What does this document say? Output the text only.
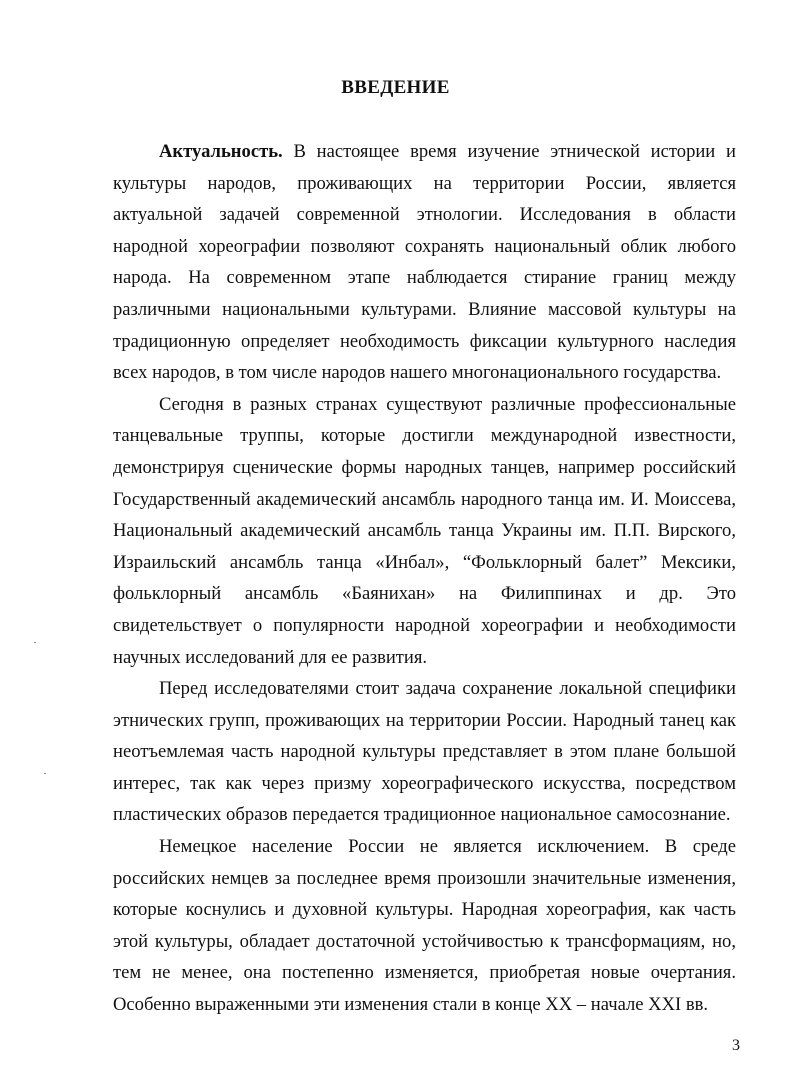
ВВЕДЕНИЕ
Актуальность. В настоящее время изучение этнической истории и
культуры народов, проживающих на территории России, является
актуальной задачей современной этнологии. Исследования в области
народной хореографии позволяют сохранять национальный облик любого
народа. На современном этапе наблюдается стирание границ между
различными национальными культурами. Влияние массовой культуры на
традиционную определяет необходимость фиксации культурного наследия
всех народов, в том числе народов нашего многонационального государства.
Сегодня в разных странах существуют различные профессиональные
танцевальные труппы, которые достигли международной известности,
демонстрируя сценические формы народных танцев, например российский
Государственный академический ансамбль народного танца им. И. Моиссева,
Национальный академический ансамбль танца Украины им. П.П. Вирского,
Израильский ансамбль танца «Инбал», “Фольклорный балет” Мексики,
фольклорный ансамбль «Баянихан» на Филиппинах и др. Это
свидетельствует о популярности народной хореографии и необходимости
научных исследований для ее развития.
Перед исследователями стоит задача сохранение локальной специфики
этнических групп, проживающих на территории России. Народный танец как
неотъемлемая часть народной культуры представляет в этом плане большой
интерес, так как через призму хореографического искусства, посредством
пластических образов передается традиционное национальное самосознание.
Немецкое население России не является исключением. В среде
российских немцев за последнее время произошли значительные изменения,
которые коснулись и духовной культуры. Народная хореография, как часть
этой культуры, обладает достаточной устойчивостью к трансформациям, но,
тем не менее, она постепенно изменяется, приобретая новые очертания.
Особенно выраженными эти изменения стали в конце XX – начале XXI вв.

3
